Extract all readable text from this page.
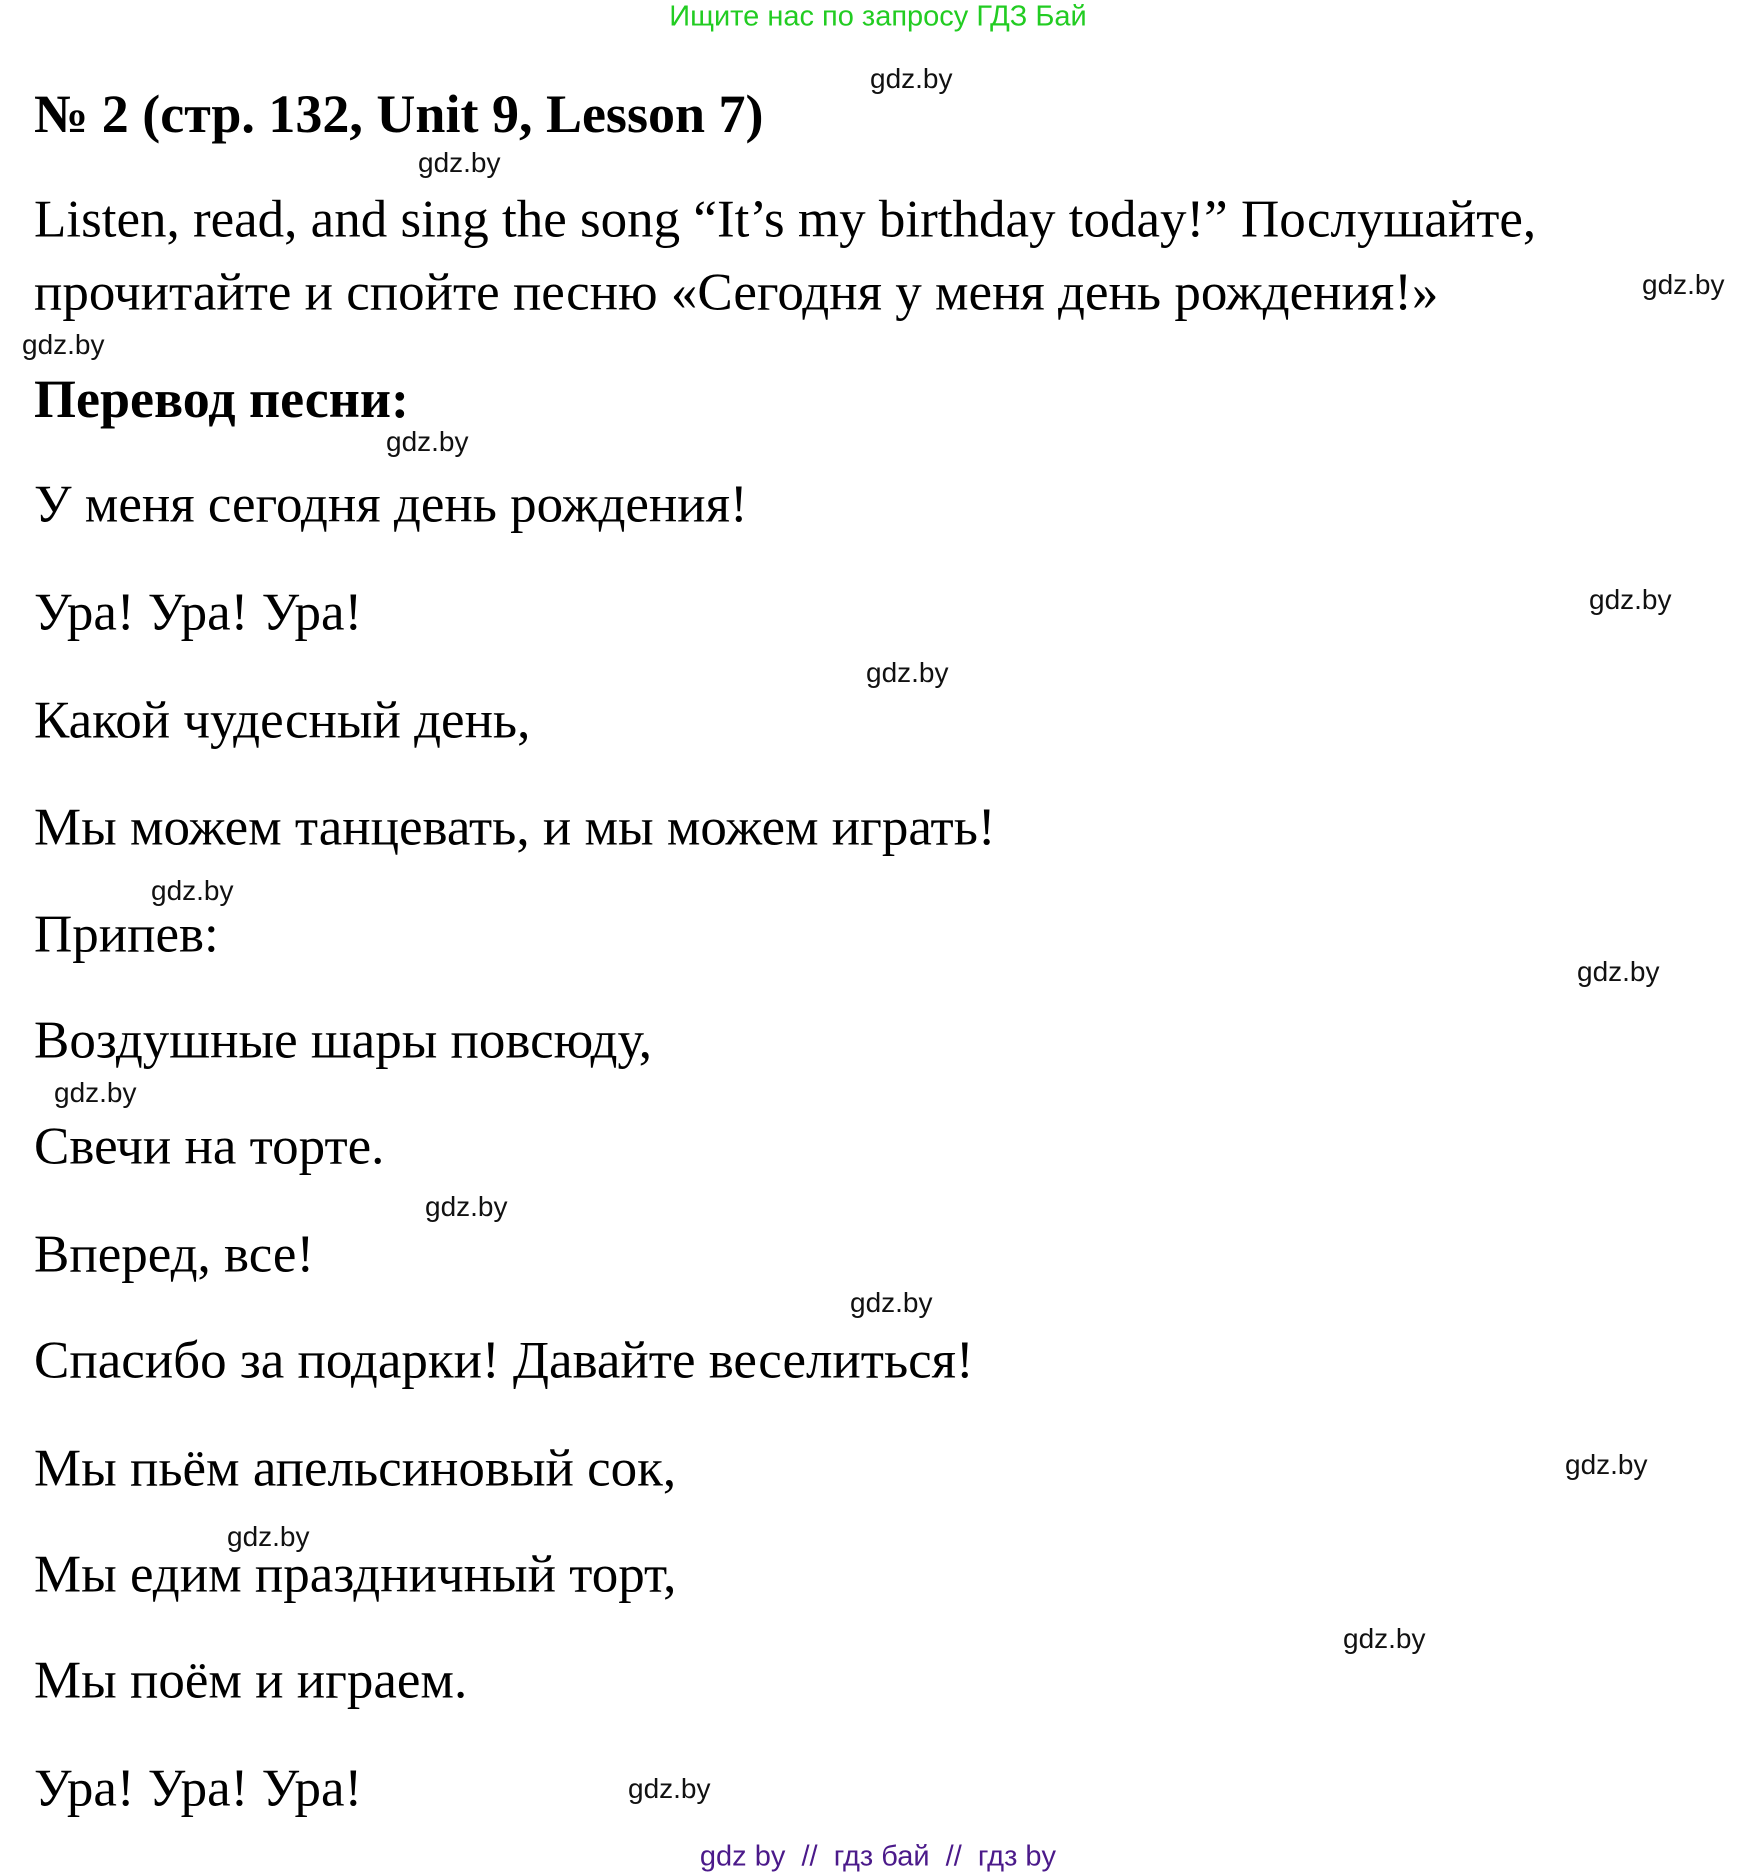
Ищите нас по запросу ГДЗ Бай
№ 2 (стр. 132, Unit 9, Lesson 7)
Listen, read, and sing the song “It’s my birthday today!” Послушайте,
прочитайте и спойте песню «Сегодня у меня день рождения!»
Перевод песни:
У меня сегодня день рождения!
Ура! Ура! Ура!
Какой чудесный день,
Мы можем танцевать, и мы можем играть!
Припев:
Воздушные шары повсюду,
Свечи на торте.
Вперед, все!
Спасибо за подарки! Давайте веселиться!
Мы пьём апельсиновый сок,
Мы едим праздничный торт,
Мы поём и играем.
Ура! Ура! Ура!
gdz.by
gdz.by
gdz.by
gdz.by
gdz.by
gdz.by
gdz.by
gdz.by
gdz.by
gdz.by
gdz.by
gdz.by
gdz.by
gdz.by
gdz.by
gdz.by
gdz by  //  гдз бай  //  гдз by
